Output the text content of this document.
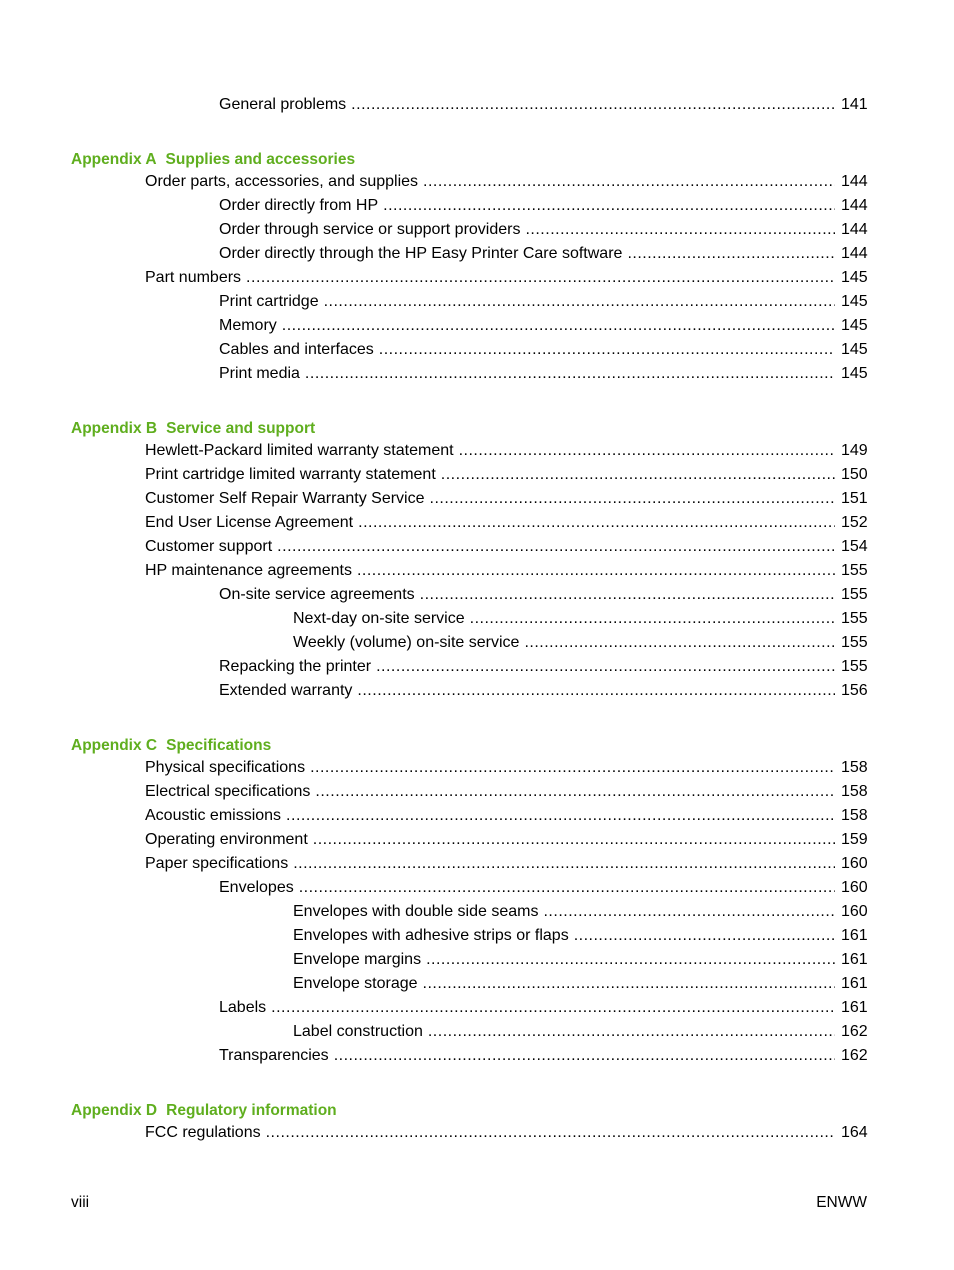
General problems .....	141
Appendix A Supplies and accessories
Order parts, accessories, and supplies .....	144
Order directly from HP .....	144
Order through service or support providers .....	144
Order directly through the HP Easy Printer Care software .....	144
Part numbers .....	145
Print cartridge .....	145
Memory .....	145
Cables and interfaces .....	145
Print media .....	145
Appendix B Service and support
Hewlett-Packard limited warranty statement .....	149
Print cartridge limited warranty statement .....	150
Customer Self Repair Warranty Service .....	151
End User License Agreement .....	152
Customer support .....	154
HP maintenance agreements .....	155
On-site service agreements .....	155
Next-day on-site service .....	155
Weekly (volume) on-site service .....	155
Repacking the printer .....	155
Extended warranty .....	156
Appendix C Specifications
Physical specifications .....	158
Electrical specifications .....	158
Acoustic emissions .....	158
Operating environment .....	159
Paper specifications .....	160
Envelopes .....	160
Envelopes with double side seams .....	160
Envelopes with adhesive strips or flaps .....	161
Envelope margins .....	161
Envelope storage .....	161
Labels .....	161
Label construction .....	162
Transparencies .....	162
Appendix D Regulatory information
FCC regulations .....	164
viii	ENWW
